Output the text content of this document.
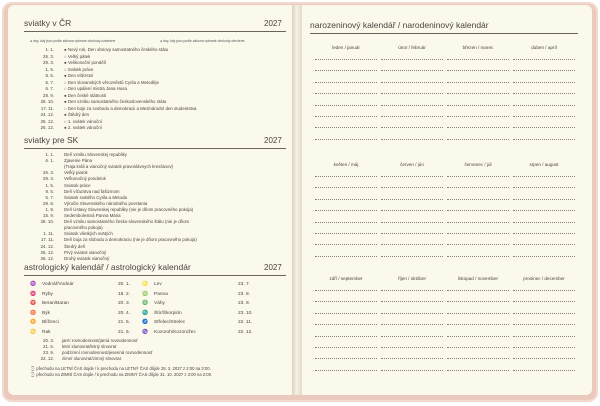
sviatky v ČR	2027
● dny, kdy jsou podle zákona vybrané obchody uzavřené	● dny, kdy jsou podle zákona vybrané obchody otevřené
1. 1. ● Nový rok, Den obnovy samostatného českého státu
26. 3. ○ Velký pátek
29. 3. ● Velikonoční pondělí
1. 5. ○ Svátek práce
8. 5. ● Den vítězství
5. 7. ○ Den slovanských věrozvěstů Cyrila a Metoděje
6. 7. ○ Den upálení mistra Jana Husa
28. 9. ● Den české státnosti
28. 10. ● Den vzniku samostatného československého státu
17. 11. ○ Den boje za svobodu a demokracii a Mezinárodní den studentstva
24. 12. ● Štědrý den
25. 12. ○ 1. svátek vánoční
26. 12. ● 2. svátek vánoční
sviatky pre SK	2027
1. 1. Deň vzniku Slovenskej republiky
6. 1. Zjavenie Pána
(Traja králi a vianočný sviatok pravoslávnych kresťanov)
26. 3. Veľký piatok
29. 3. Veľkonočný pondelok
1. 5. Sviatok práce
8. 5. Deň víťazstva nad fašizmom
5. 7. Sviatok svätého Cyrila a Metoda
29. 8. Výročie Slovenského národného povstania
1. 9. Deň Ústavy Slovenskej republiky (nie je dňom pracovného pokoja)
15. 9. Sedembolestná Panna Mária
28. 10. Deň vzniku samostatného česko-slovenského štátu (nie je dňom
pracovného pokoja)
1. 11. Sviatok všetkých svätých
17. 11. Deň boja za slobodu a demokraciu (nie je dňom pracovného pokoja)
24. 12. Štedrý deň
25. 12. Prvý sviatok vianočný
26. 12. Druhý sviatok vianočný
astrologický kalendář / astrologický kalendár	2027
♒ Vodnář/Vodnár	20. 1. ♌ Lev	23. 7.
♓ Ryby	18. 2. ♍ Panna	23. 8.
♈ Beran/Baran	20. 3. ♎ Váhy	23. 9.
♉ Býk	20. 4. ♏ Štír/Škorpión	23. 10.
♊ Blíženci	21. 5. ♐ Střelec/Strelec	22. 11.
♋ Rak	21. 6. ♑ Kozoroh/Kozorožec	22. 12.
20. 3. jarní rovnodennost/jarná rovnodennosť
21. 6. letní slunovrat/letný slnovrat
23. 9. podzimní rovnodennost/jesenná rovnodennosť
22. 12. zimní slunovrat/zimný slnovrat
⌚ přechodu na LETNÍ ČAS dojde / k prechodu na LETNÝ ČAS dôjde 28. 3. 2027 z 2:00 na 3:00.
⌚ přechodu na ZIMNÍ ČAS dojde / k prechodu na ZIMNÝ ČAS dôjde 31. 10. 2027 z 3:00 na 2:00.
narozeninový kalendář / narodeninový kalendár
leden / január	únor / február	březen / marec	duben / apríl
květen / máj	červen / jún	červenec / júl	srpen / august
září / september	říjen / október	listopad / november	prosinec / december
